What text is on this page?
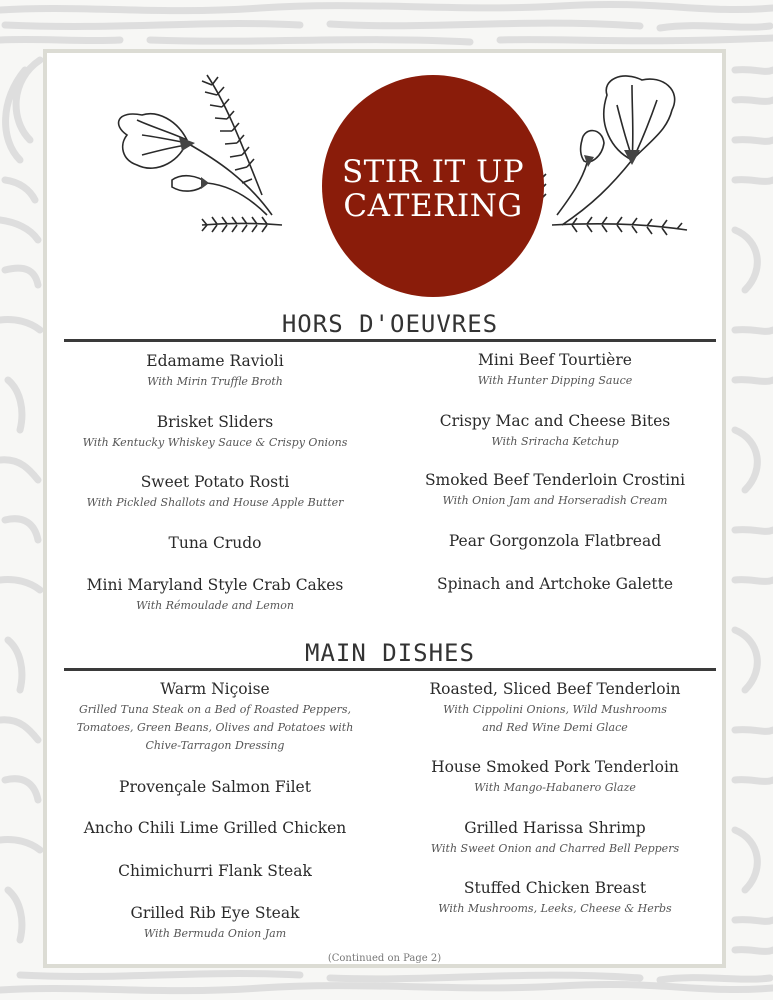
STIR IT UP
CATERING
HORS D'OEUVRES
Edamame Ravioli
With Mirin Truffle Broth
Brisket Sliders
With Kentucky Whiskey Sauce & Crispy Onions
Sweet Potato Rosti
With Pickled Shallots and House Apple Butter
Tuna Crudo
Mini Maryland Style Crab Cakes
With Rémoulade and Lemon
Mini Beef Tourtière
With Hunter Dipping Sauce
Crispy Mac and Cheese Bites
With Sriracha Ketchup
Smoked Beef Tenderloin Crostini
With Onion Jam and Horseradish Cream
Pear Gorgonzola Flatbread
Spinach and Artchoke Galette
MAIN DISHES
Warm Niçoise
Grilled Tuna Steak on a Bed of Roasted Peppers,
Tomatoes, Green Beans, Olives and Potatoes with
Chive-Tarragon Dressing
Provençale Salmon Filet
Ancho Chili Lime Grilled Chicken
Chimichurri Flank Steak
Grilled Rib Eye Steak
With Bermuda Onion Jam
Roasted, Sliced Beef Tenderloin
With Cippolini Onions, Wild Mushrooms
and Red Wine Demi Glace
House Smoked Pork Tenderloin
With Mango-Habanero Glaze
Grilled Harissa Shrimp
With Sweet Onion and Charred Bell Peppers
Stuffed Chicken Breast
With Mushrooms, Leeks, Cheese & Herbs
(Continued on Page 2)
